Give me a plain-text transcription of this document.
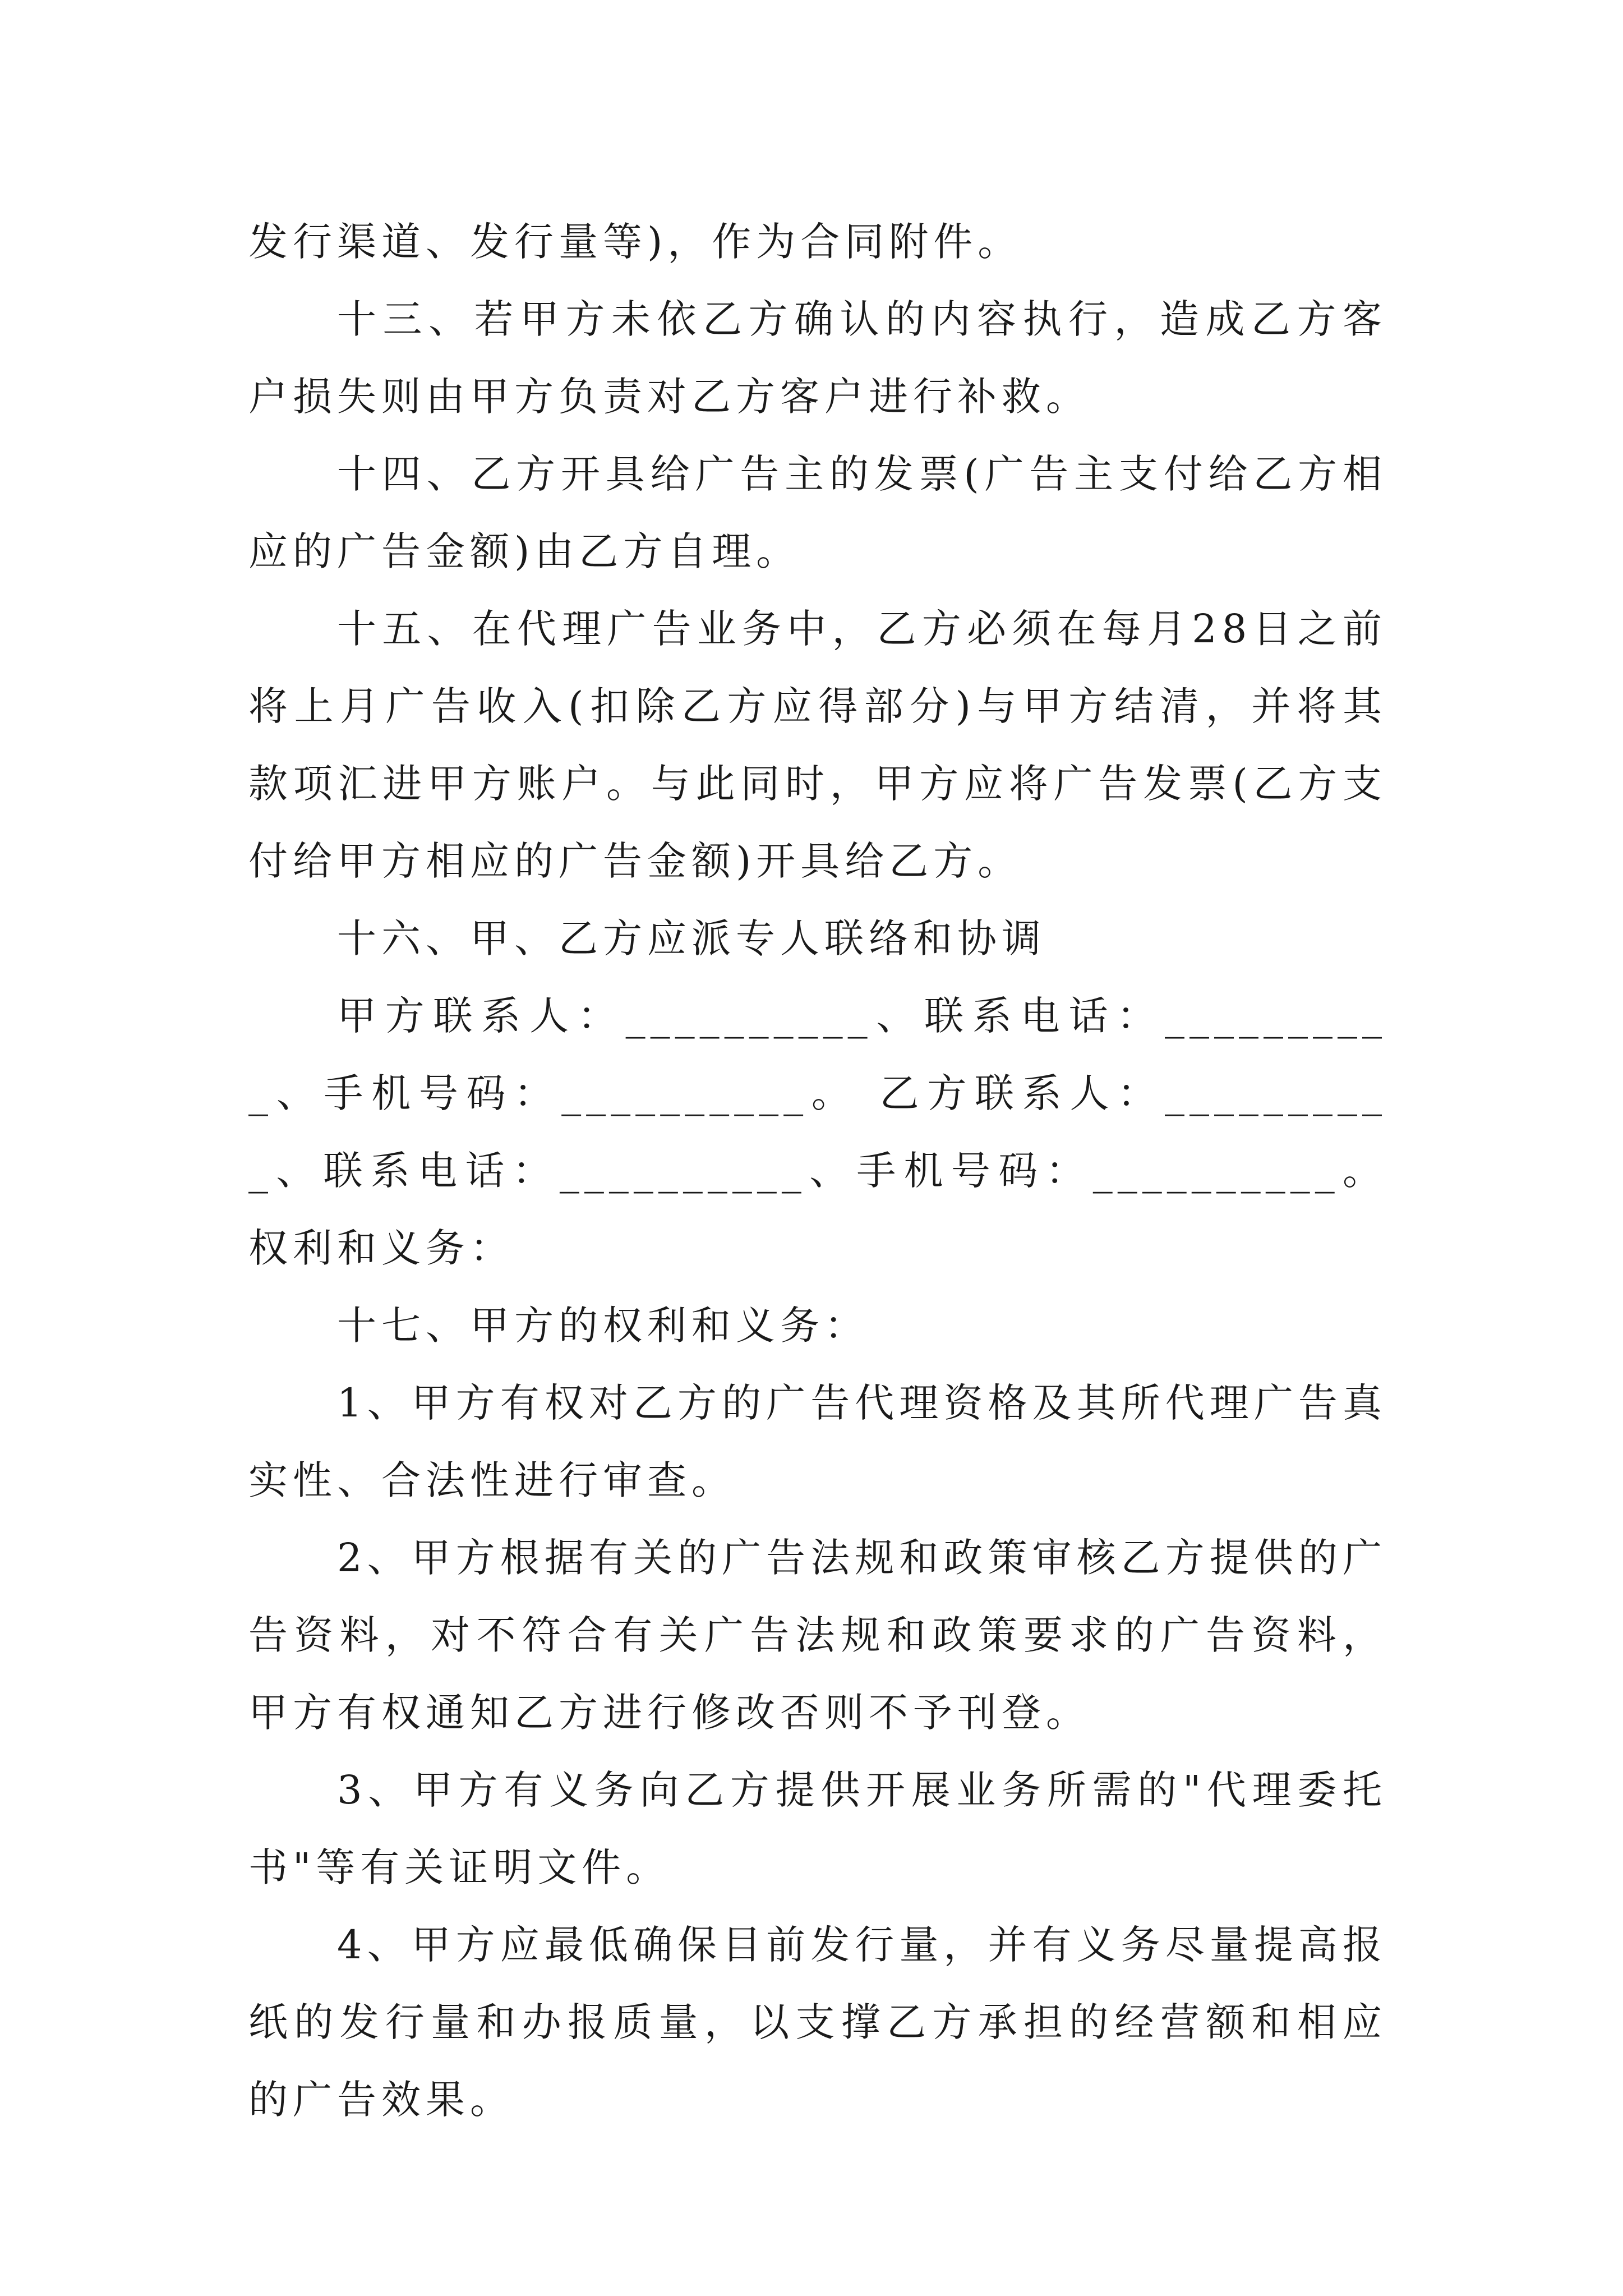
发行渠道、发行量等)，作为合同附件。

十三、若甲方未依乙方确认的内容执行，造成乙方客户损失则由甲方负责对乙方客户进行补救。

十四、乙方开具给广告主的发票(广告主支付给乙方相应的广告金额)由乙方自理。

十五、在代理广告业务中，乙方必须在每月28日之前将上月广告收入(扣除乙方应得部分)与甲方结清，并将其款项汇进甲方账户。与此同时，甲方应将广告发票(乙方支付给甲方相应的广告金额)开具给乙方。

十六、甲、乙方应派专人联络和协调

甲方联系人：__________、联系电话：__________、手机号码：__________。 乙方联系人：__________、联系电话：__________、手机号码：__________。 权利和义务：

十七、甲方的权利和义务：

1、甲方有权对乙方的广告代理资格及其所代理广告真实性、合法性进行审查。

2、甲方根据有关的广告法规和政策审核乙方提供的广告资料，对不符合有关广告法规和政策要求的广告资料，甲方有权通知乙方进行修改否则不予刊登。

3、甲方有义务向乙方提供开展业务所需的"代理委托书"等有关证明文件。

4、甲方应最低确保目前发行量，并有义务尽量提高报纸的发行量和办报质量，以支撑乙方承担的经营额和相应的广告效果。
